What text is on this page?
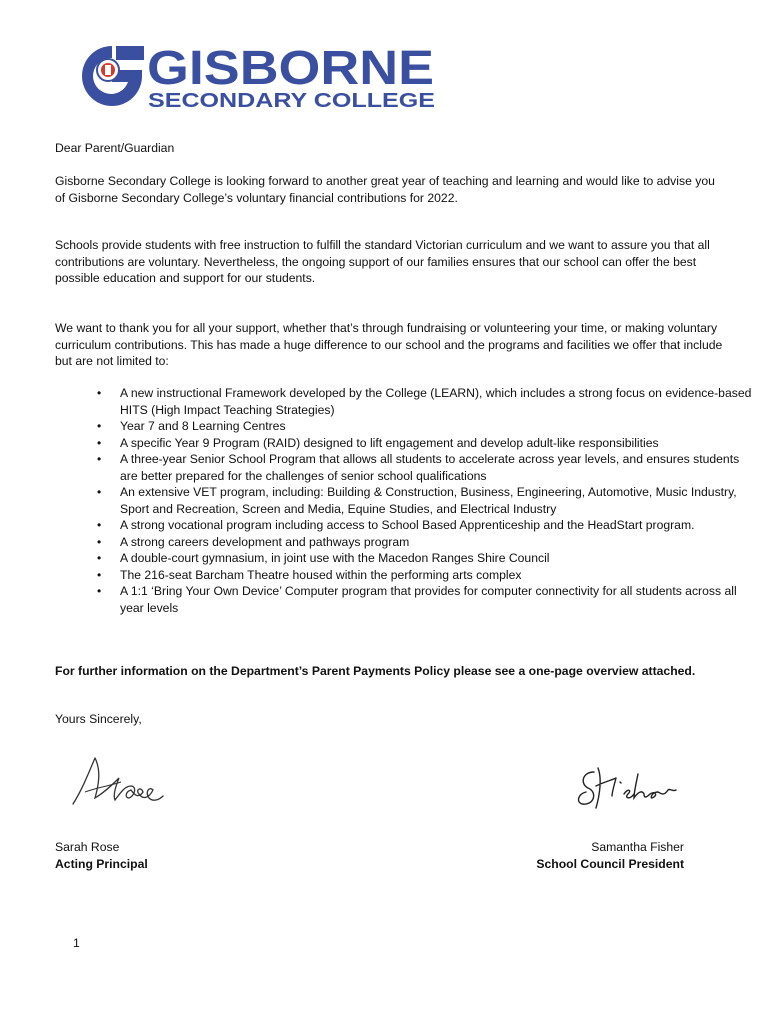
GISBORNE
SECONDARY COLLEGE

Dear Parent/Guardian

Gisborne Secondary College is looking forward to another great year of teaching and learning and would like to advise you of Gisborne Secondary College’s voluntary financial contributions for 2022.

Schools provide students with free instruction to fulfill the standard Victorian curriculum and we want to assure you that all contributions are voluntary. Nevertheless, the ongoing support of our families ensures that our school can offer the best possible education and support for our students.

We want to thank you for all your support, whether that’s through fundraising or volunteering your time, or making voluntary curriculum contributions. This has made a huge difference to our school and the programs and facilities we offer that include but are not limited to:

• A new instructional Framework developed by the College (LEARN), which includes a strong focus on evidence-based HITS (High Impact Teaching Strategies)
• Year 7 and 8 Learning Centres
• A specific Year 9 Program (RAID) designed to lift engagement and develop adult-like responsibilities
• A three-year Senior School Program that allows all students to accelerate across year levels, and ensures students are better prepared for the challenges of senior school qualifications
• An extensive VET program, including: Building & Construction, Business, Engineering, Automotive, Music Industry, Sport and Recreation, Screen and Media, Equine Studies, and Electrical Industry
• A strong vocational program including access to School Based Apprenticeship and the HeadStart program.
• A strong careers development and pathways program
• A double-court gymnasium, in joint use with the Macedon Ranges Shire Council
• The 216-seat Barcham Theatre housed within the performing arts complex
• A 1:1 ‘Bring Your Own Device’ Computer program that provides for computer connectivity for all students across all year levels

For further information on the Department’s Parent Payments Policy please see a one-page overview attached.

Yours Sincerely,

Sarah Rose
Acting Principal
Samantha Fisher
School Council President

1
